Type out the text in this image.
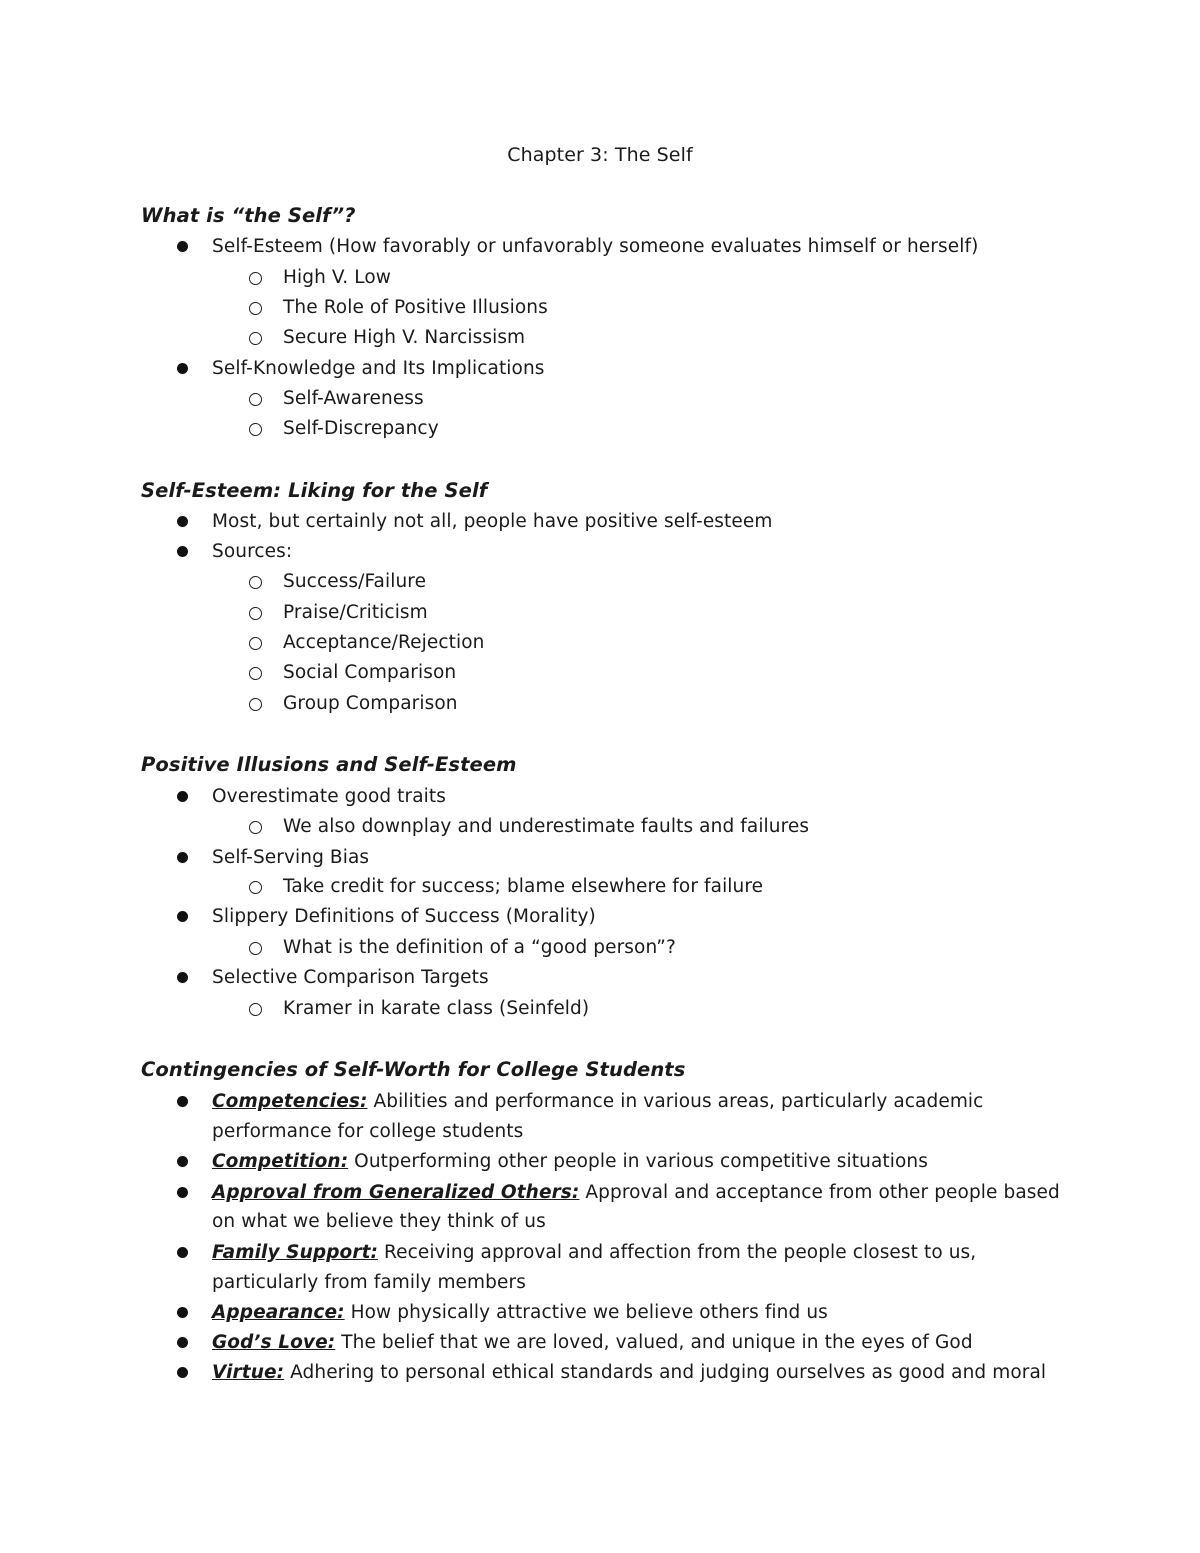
Chapter 3: The Self
What is “the Self”?
Self-Esteem (How favorably or unfavorably someone evaluates himself or herself)
High V. Low
The Role of Positive Illusions
Secure High V. Narcissism
Self-Knowledge and Its Implications
Self-Awareness
Self-Discrepancy
Self-Esteem: Liking for the Self
Most, but certainly not all, people have positive self-esteem
Sources:
Success/Failure
Praise/Criticism
Acceptance/Rejection
Social Comparison
Group Comparison
Positive Illusions and Self-Esteem
Overestimate good traits
We also downplay and underestimate faults and failures
Self-Serving Bias
Take credit for success; blame elsewhere for failure
Slippery Definitions of Success (Morality)
What is the definition of a “good person”?
Selective Comparison Targets
Kramer in karate class (Seinfeld)
Contingencies of Self-Worth for College Students
Competencies: Abilities and performance in various areas, particularly academic
performance for college students
Competition: Outperforming other people in various competitive situations
Approval from Generalized Others: Approval and acceptance from other people based
on what we believe they think of us
Family Support: Receiving approval and affection from the people closest to us,
particularly from family members
Appearance: How physically attractive we believe others find us
God’s Love: The belief that we are loved, valued, and unique in the eyes of God
Virtue: Adhering to personal ethical standards and judging ourselves as good and moral
